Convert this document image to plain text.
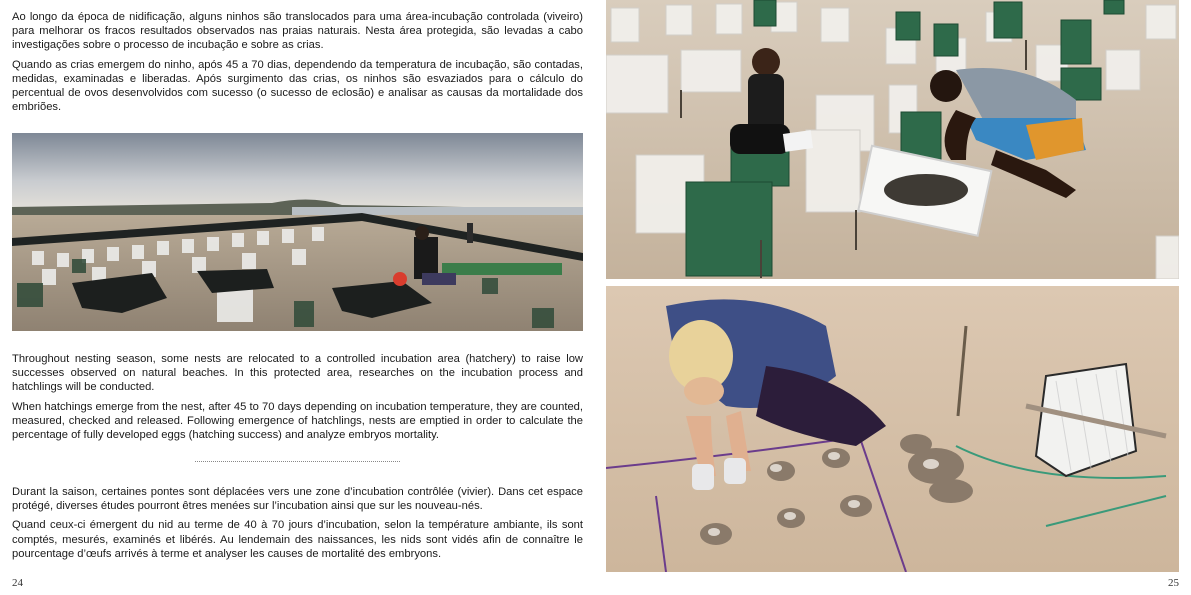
Ao longo da época de nidificação, alguns ninhos são translocados para uma área-incubação controlada (viveiro) para melhorar os fracos resultados observados nas praias naturais. Nesta área protegida, são levadas a cabo investigações sobre o processo de incubação e sobre as crias.

Quando as crias emergem do ninho, após 45 a 70 dias, dependendo da temperatura de incubação, são contadas, medidas, examinadas e liberadas. Após surgimento das crias, os ninhos são esvaziados para o cálculo do percentual de ovos desenvolvidos com sucesso (o sucesso de eclosão) e analisar as causas da mortalidade dos embriões.

Throughout nesting season, some nests are relocated to a controlled incubation area (hatchery) to raise low successes observed on natural beaches. In this protected area, researches on the incubation process and hatchlings will be conducted.

When hatchings emerge from the nest, after 45 to 70 days depending on incubation temperature, they are counted, measured, checked and released. Following emergence of hatchlings, nests are emptied in order to calculate the percentage of fully developed eggs (hatching success) and analyze embryos mortality.

Durant la saison, certaines pontes sont déplacées vers une zone d’incubation contrôlée (vivier). Dans cet espace protégé, diverses études pourront êtres menées sur l’incubation ainsi que sur les nouveau-nés.

Quand ceux-ci émergent du nid au terme de 40 à 70 jours d’incubation, selon la température ambiante, ils sont comptés, mesurés, examinés et libérés. Au lendemain des naissances, les nids sont vidés afin de connaître le pourcentage d’œufs arrivés à terme et analyser les causes de mortalité des embryons.

24	25
